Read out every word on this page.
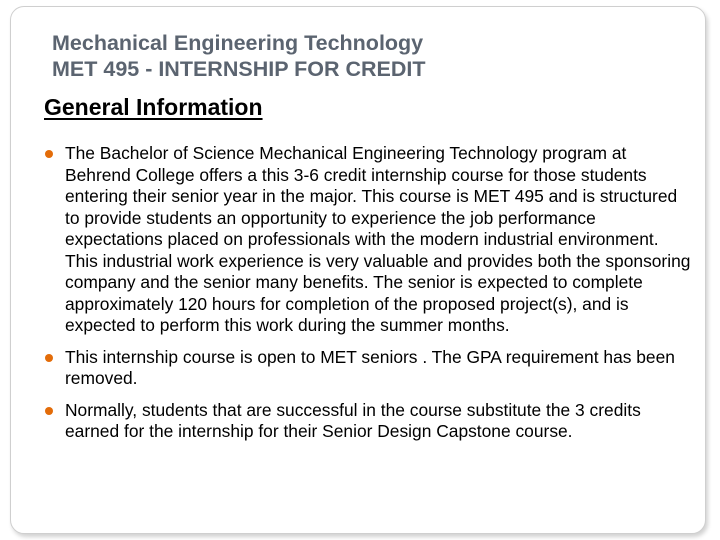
Mechanical Engineering Technology
MET 495 - INTERNSHIP FOR CREDIT
General Information
The Bachelor of Science Mechanical Engineering Technology program at Behrend College offers a this 3-6 credit internship course for those students entering their senior year in the major. This course is MET 495 and is structured to provide students an opportunity to experience the job performance expectations placed on professionals with the modern industrial environment. This industrial work experience is very valuable and provides both the sponsoring company and the senior many benefits. The senior is expected to complete approximately 120 hours for completion of the proposed project(s), and is expected to perform this work during the summer months.
This internship course is open to MET seniors . The GPA requirement has been removed.
Normally, students that are successful in the course substitute the 3 credits earned for the internship for their Senior Design Capstone course.
